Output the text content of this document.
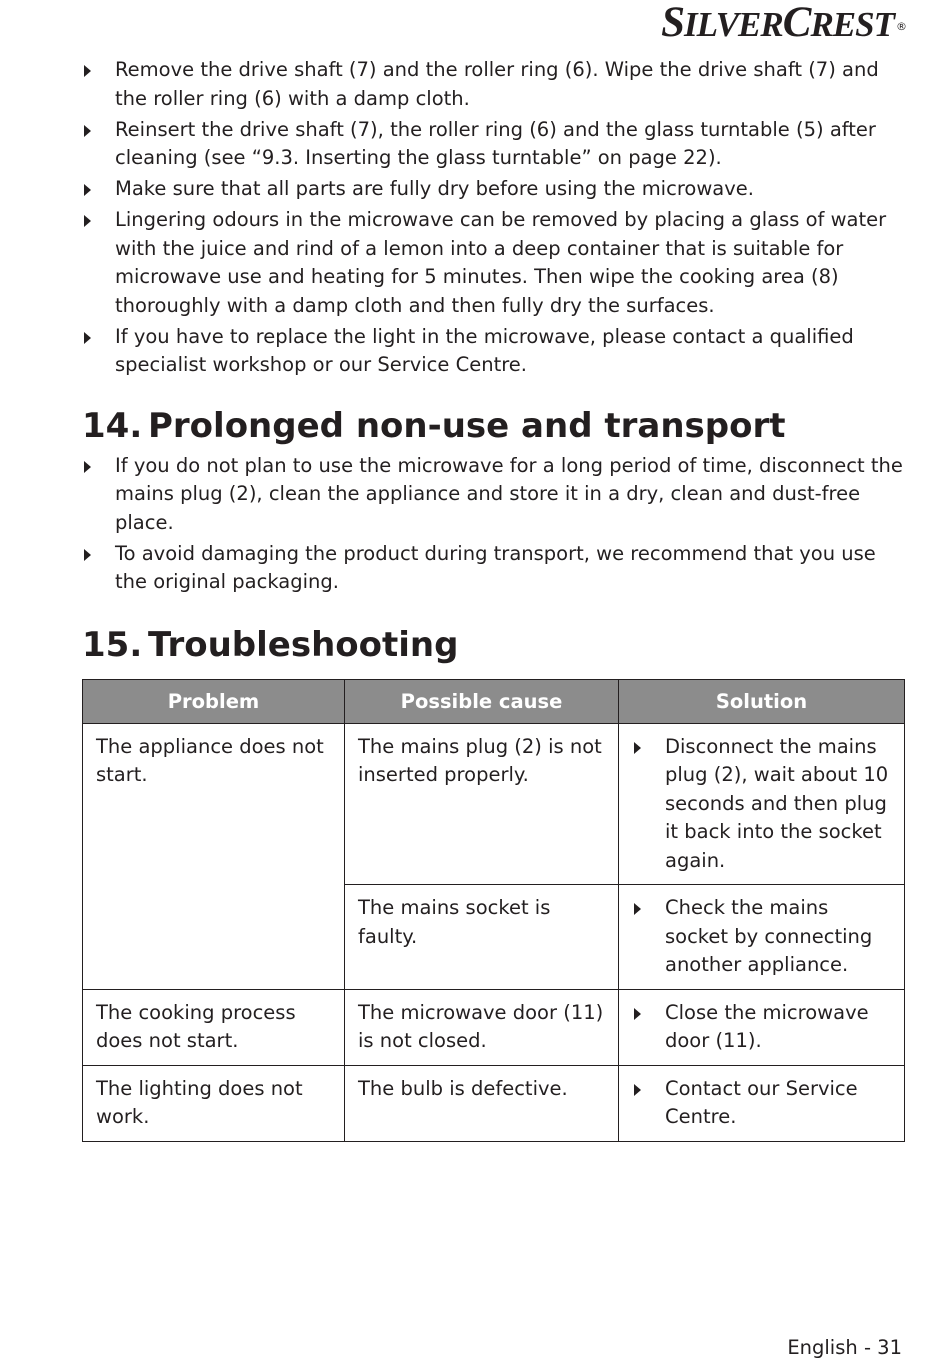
SILVERCREST ®
Remove the drive shaft (7) and the roller ring (6). Wipe the drive shaft (7) and the roller ring (6) with a damp cloth.
Reinsert the drive shaft (7), the roller ring (6) and the glass turntable (5) after cleaning (see “9.3. Inserting the glass turntable” on page 22).
Make sure that all parts are fully dry before using the microwave.
Lingering odours in the microwave can be removed by placing a glass of water with the juice and rind of a lemon into a deep container that is suitable for microwave use and heating for 5 minutes. Then wipe the cooking area (8) thoroughly with a damp cloth and then fully dry the surfaces.
If you have to replace the light in the microwave, please contact a qualified specialist workshop or our Service Centre.
14. Prolonged non-use and transport
If you do not plan to use the microwave for a long period of time, disconnect the mains plug (2), clean the appliance and store it in a dry, clean and dust-free place.
To avoid damaging the product during transport, we recommend that you use the original packaging.
15. Troubleshooting
Problem	Possible cause	Solution
The appliance does not start.	The mains plug (2) is not inserted properly.	Disconnect the mains plug (2), wait about 10 seconds and then plug it back into the socket again.

	The mains socket is faulty.	Check the mains socket by connecting another appliance.

The cooking process does not start.	The microwave door (11) is not closed.	Close the microwave door (11).

The lighting does not work.	The bulb is defective.	Contact our Service Centre.
English - 31
